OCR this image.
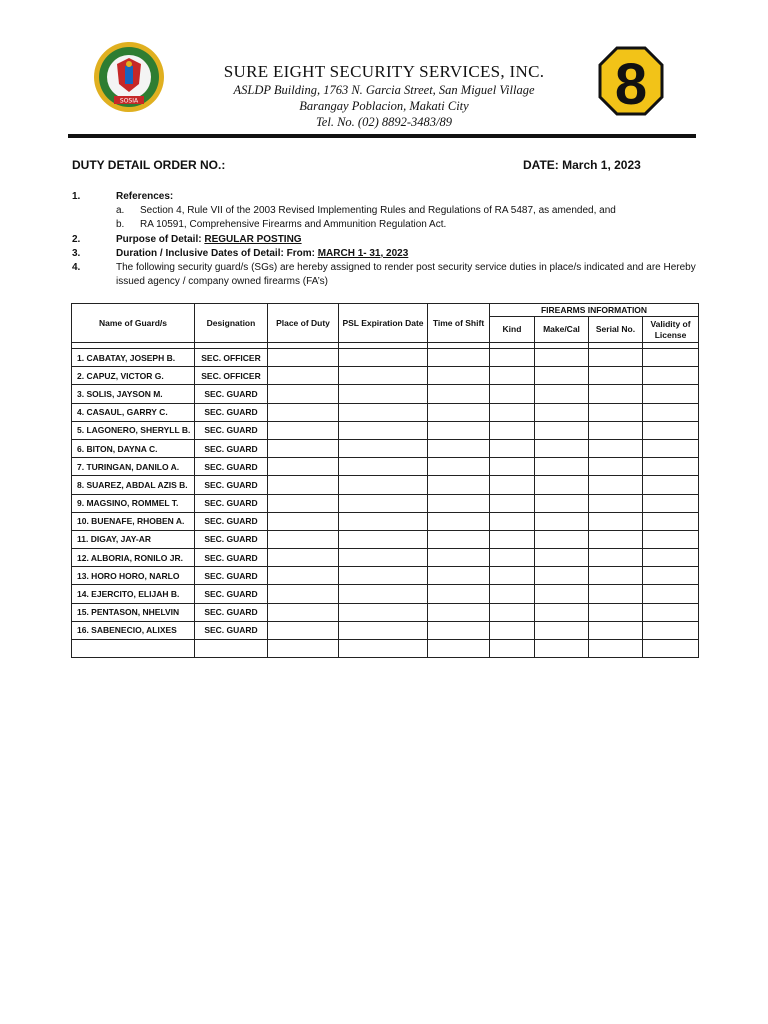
SOSIA
SURE EIGHT SECURITY SERVICES, INC.
ASLDP Building, 1763 N. Garcia Street, San Miguel Village
Barangay Poblacion, Makati City
Tel. No. (02) 8892-3483/89
8
DUTY DETAIL ORDER NO.:	DATE: March 1, 2023
1.	References:
a.	Section 4, Rule VII of the 2003 Revised Implementing Rules and Regulations of RA 5487, as amended, and
b.	RA 10591, Comprehensive Firearms and Ammunition Regulation Act.
2.	Purpose of Detail: REGULAR POSTING
3.	Duration / Inclusive Dates of Detail: From: MARCH 1- 31, 2023
4.	The following security guard/s (SGs) are hereby assigned to render post security service duties in place/s indicated and are Hereby issued agency / company owned firearms (FA’s)
Name of Guard/s	Designation	Place of Duty	PSL Expiration Date	Time of Shift	FIREARMS INFORMATION			
					Kind	Make/Cal	Serial No.	Validity of License

1. CABATAY, JOSEPH B.	SEC. OFFICER							
2. CAPUZ, VICTOR G.	SEC. OFFICER							
3. SOLIS, JAYSON M.	SEC. GUARD							
4. CASAUL, GARRY C.	SEC. GUARD							
5. LAGONERO, SHERYLL B.	SEC. GUARD							
6. BITON, DAYNA C.	SEC. GUARD							
7. TURINGAN, DANILO A.	SEC. GUARD							
8. SUAREZ, ABDAL AZIS B.	SEC. GUARD							
9. MAGSINO, ROMMEL T.	SEC. GUARD							
10. BUENAFE, RHOBEN A.	SEC. GUARD							
11. DIGAY, JAY-AR	SEC. GUARD							
12. ALBORIA, RONILO JR.	SEC. GUARD							
13. HORO HORO, NARLO	SEC. GUARD							
14. EJERCITO, ELIJAH B.	SEC. GUARD							
15. PENTASON, NHELVIN	SEC. GUARD							
16. SABENECIO, ALIXES	SEC. GUARD							
